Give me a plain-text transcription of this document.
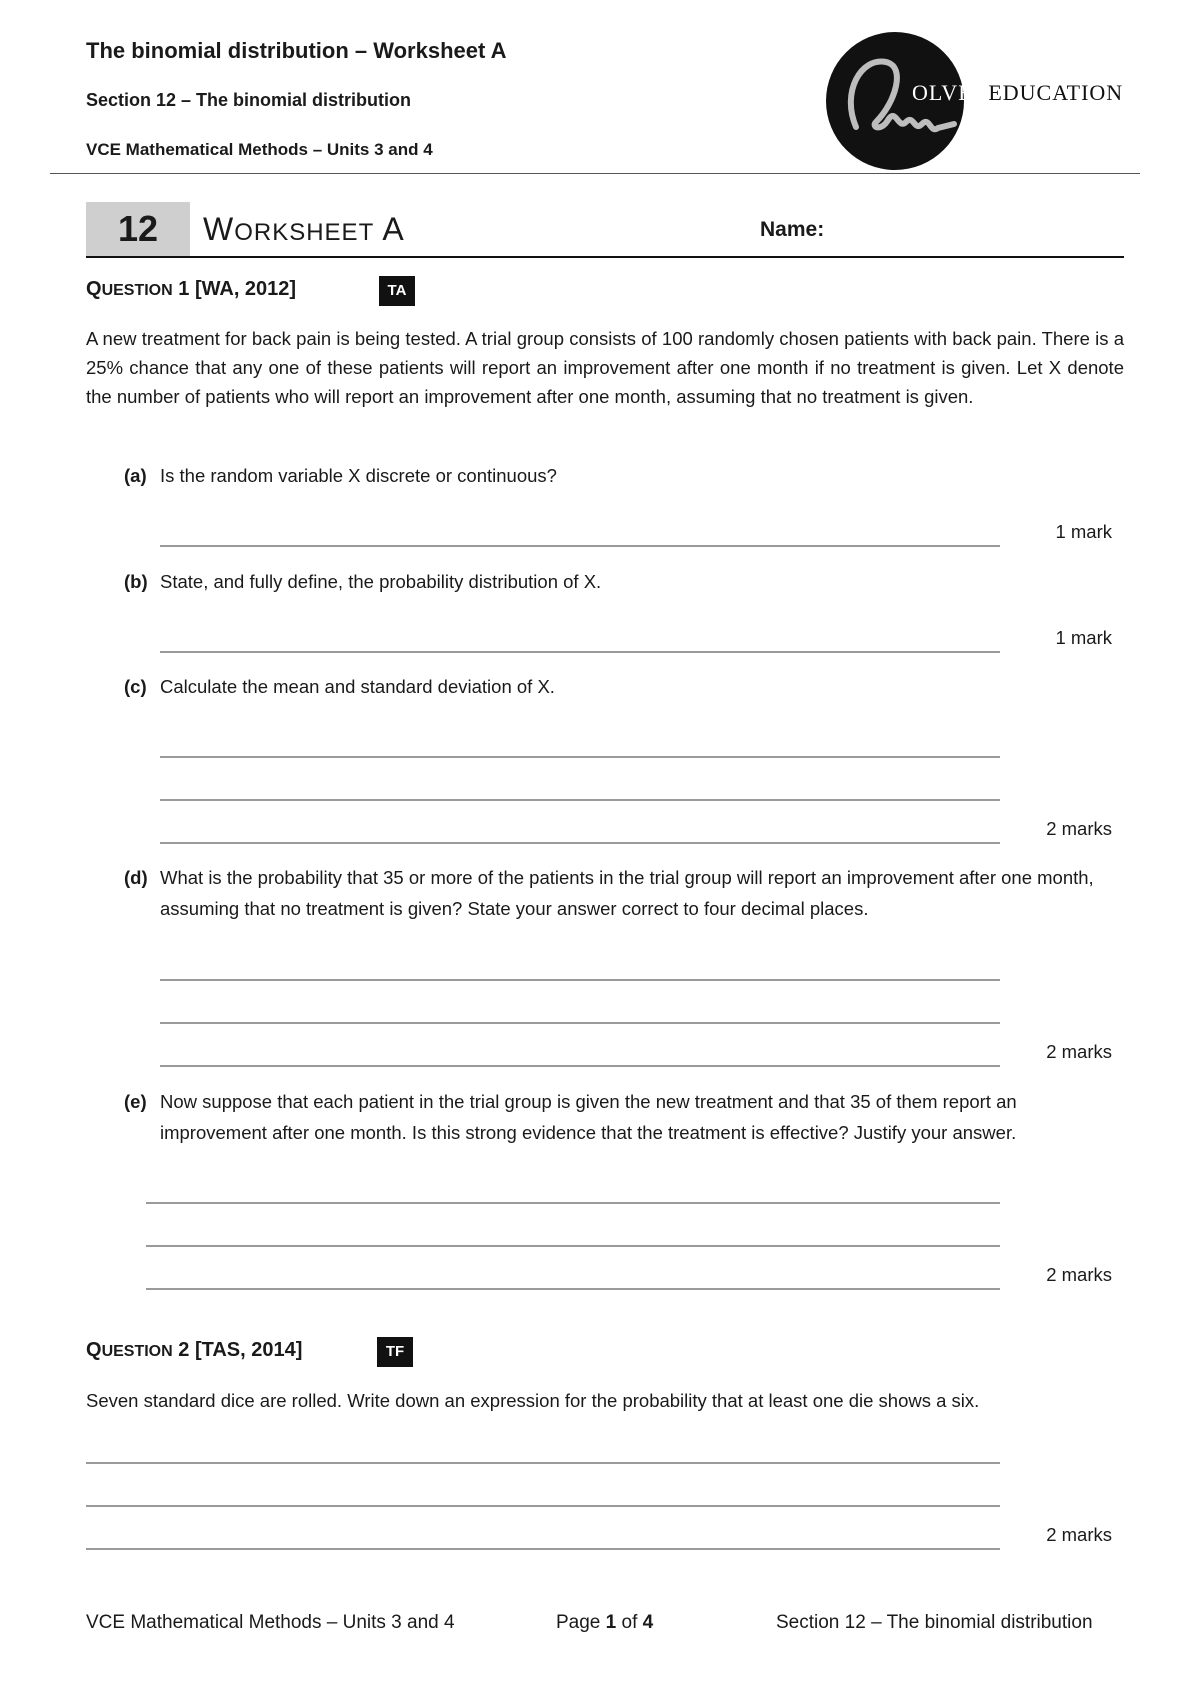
The binomial distribution – Worksheet A
Section 12 – The binomial distribution
VCE Mathematical Methods – Units 3 and 4
OLVEREDUCATION
12	WORKSHEET A	Name:
QUESTION 1 [WA, 2012]	TA
A new treatment for back pain is being tested. A trial group consists of 100 randomly chosen patients with back pain. There is a 25% chance that any one of these patients will report an improvement after one month if no treatment is given. Let X denote the number of patients who will report an improvement after one month, assuming that no treatment is given.
(a) Is the random variable X discrete or continuous?
1 mark
(b) State, and fully define, the probability distribution of X.
1 mark
(c) Calculate the mean and standard deviation of X.
2 marks
(d) What is the probability that 35 or more of the patients in the trial group will report an improvement after one month, assuming that no treatment is given? State your answer correct to four decimal places.
2 marks
(e) Now suppose that each patient in the trial group is given the new treatment and that 35 of them report an improvement after one month. Is this strong evidence that the treatment is effective? Justify your answer.
2 marks
QUESTION 2 [TAS, 2014]	TF
Seven standard dice are rolled. Write down an expression for the probability that at least one die shows a six.
2 marks
VCE Mathematical Methods – Units 3 and 4	Page 1 of 4	Section 12 – The binomial distribution
